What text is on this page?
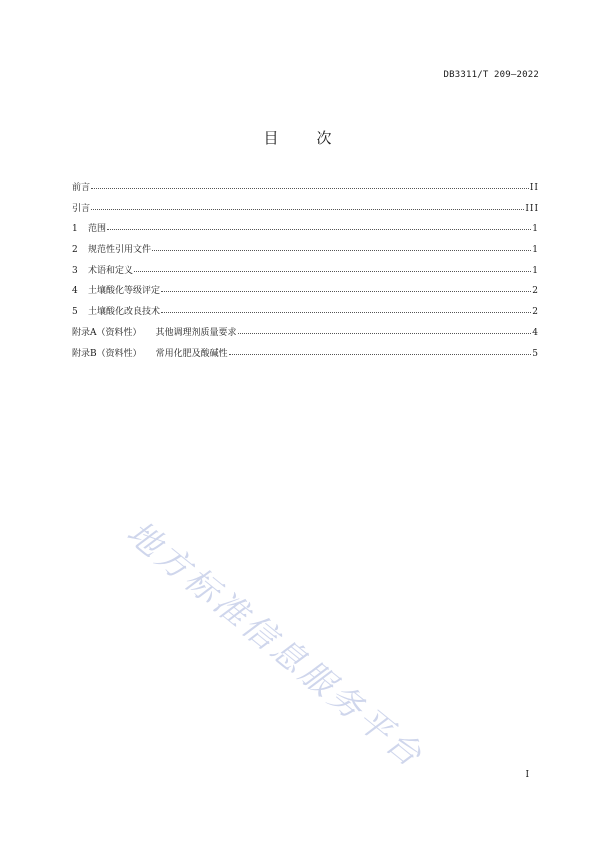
DB3311/T 209—2022
目次
前言	II
引言	III
1	范围	1
2	规范性引用文件	1
3	术语和定义	1
4	土壤酸化等级评定	2
5	土壤酸化改良技术	2
附录A（资料性） 其他调理剂质量要求	4
附录B（资料性） 常用化肥及酸碱性	5
地方标准信息服务平台	I
